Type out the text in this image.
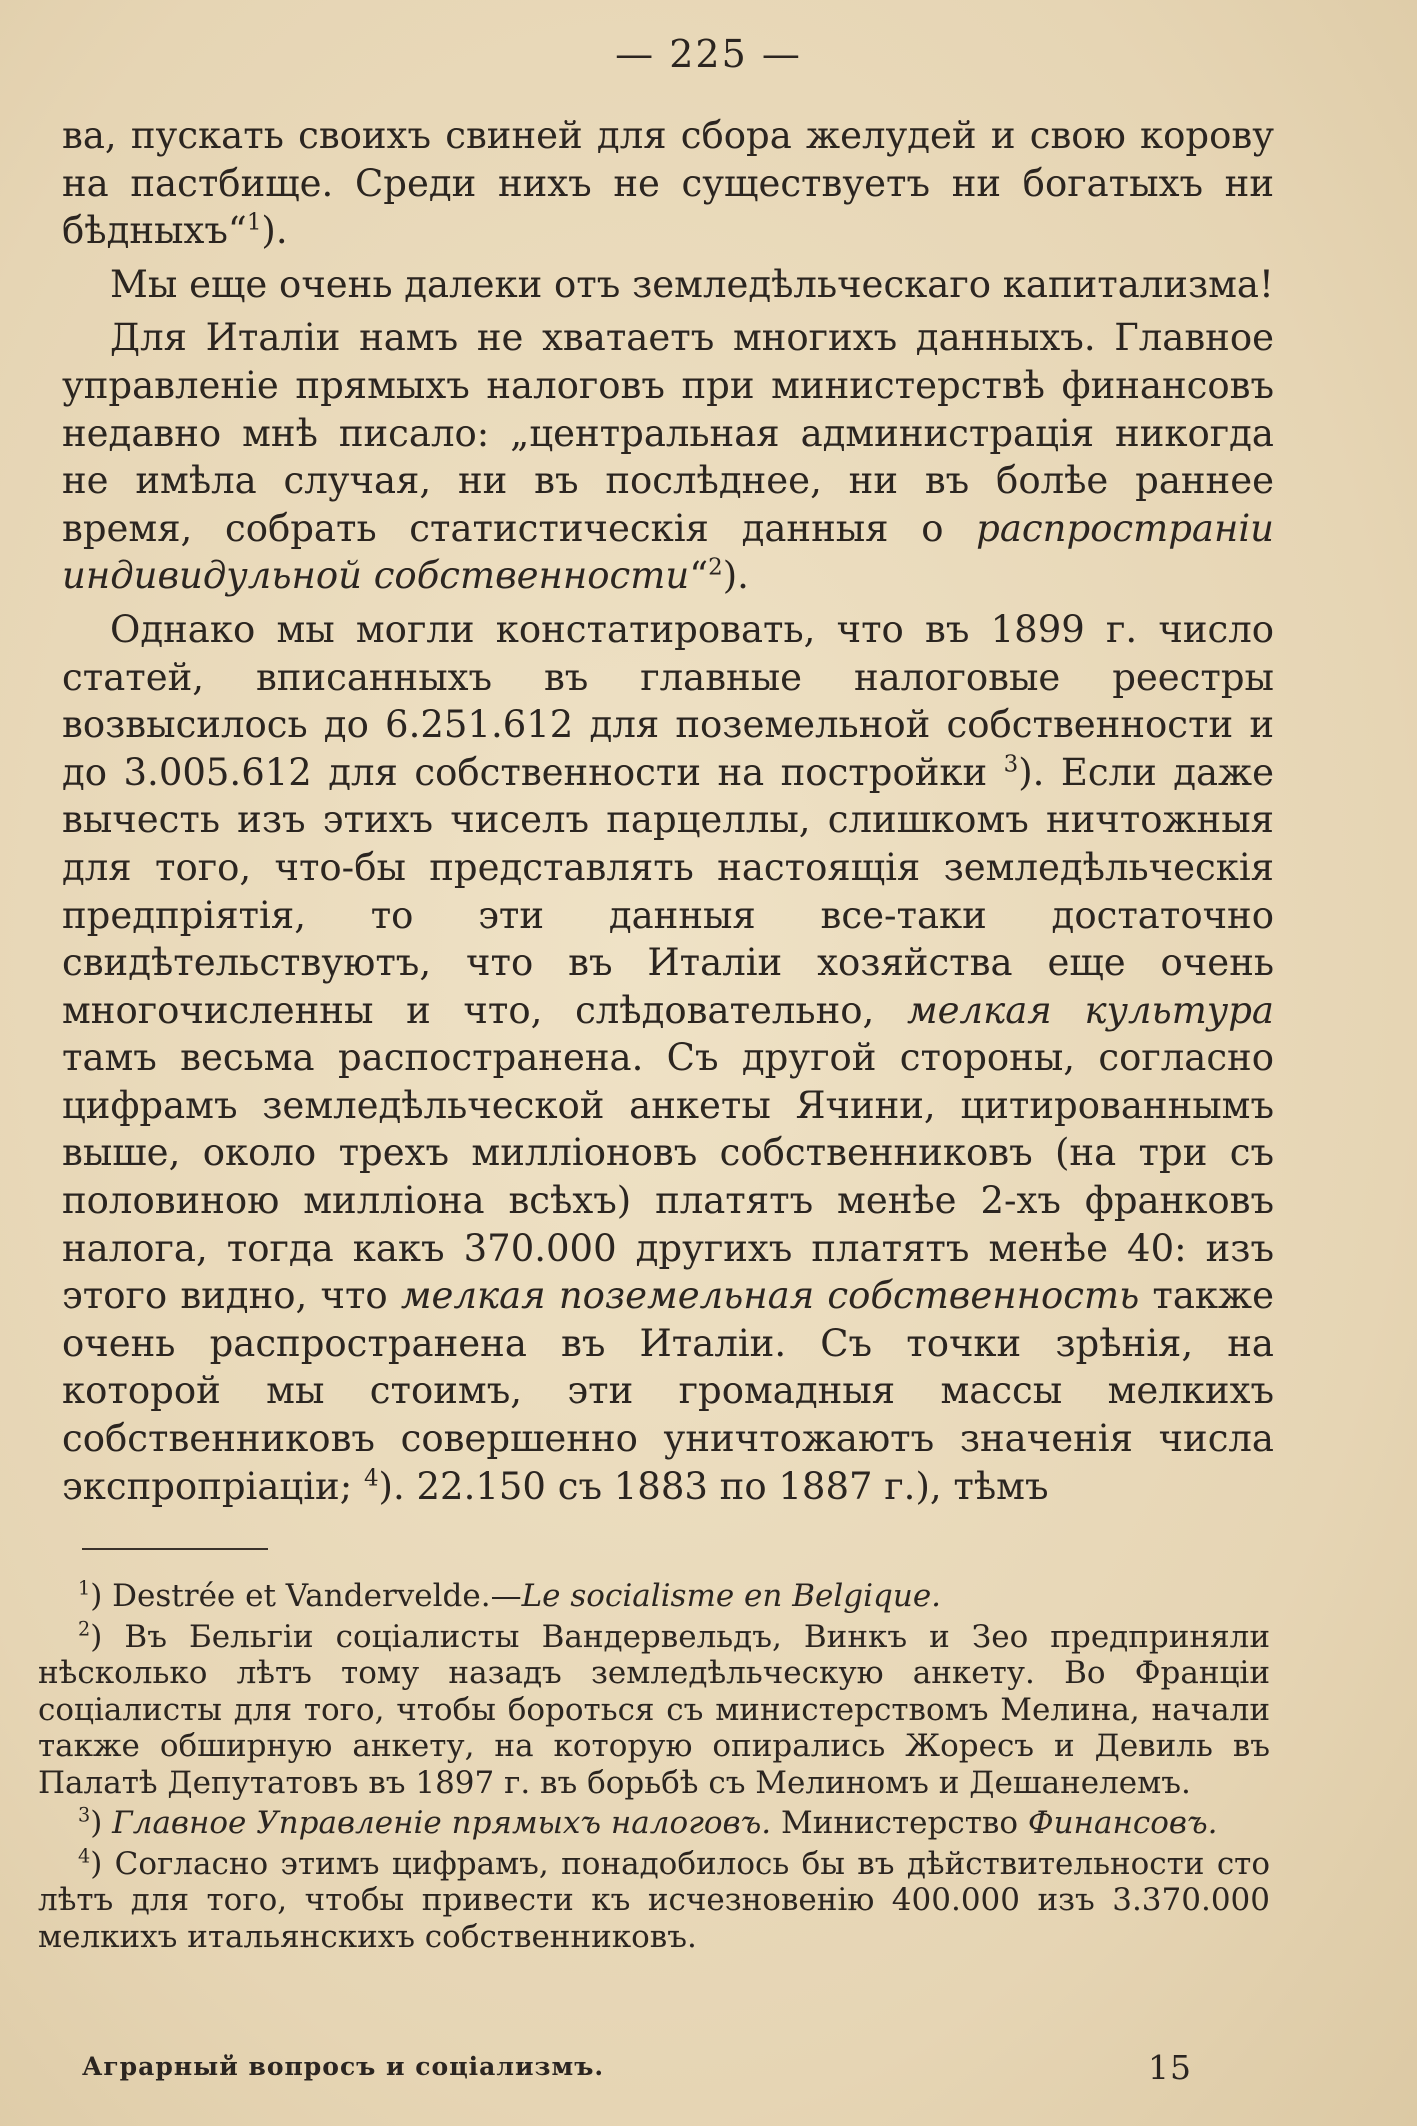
— 225 —

ва, пускать своихъ свиней для сбора желудей и свою корову на пастбище. Среди нихъ не существуетъ ни богатыхъ ни бѣдныхъ“$^1$).

Мы еще очень далеки отъ земледѣльческаго капитализма!

Для Италіи намъ не хватаетъ многихъ данныхъ. Главное управленіе прямыхъ налоговъ при министерствѣ финансовъ недавно мнѣ писало: „центральная администрація никогда не имѣла случая, ни въ послѣднее, ни въ болѣе раннее время, собрать статистическія данныя о распространіи индивидульной собственности“$^2$).

Однако мы могли констатировать, что въ 1899 г. число статей, вписанныхъ въ главные налоговые реестры возвысилось до 6.251.612 для поземельной собственности и до 3.005.612 для собственности на постройки $^3$). Если даже вычесть изъ этихъ чиселъ парцеллы, слишкомъ ничтожныя для того, что-бы представлять настоящія земледѣльческія предпріятія, то эти данныя все-таки достаточно свидѣтельствуютъ, что въ Италіи хозяйства еще очень многочисленны и что, слѣдовательно, мелкая культура тамъ весьма распостранена. Съ другой стороны, согласно цифрамъ земледѣльческой анкеты Ячини, цитированнымъ выше, около трехъ милліоновъ собственниковъ (на три съ половиною милліона всѣхъ) платятъ менѣе 2-хъ франковъ налога, тогда какъ 370.000 другихъ платятъ менѣе 40: изъ этого видно, что мелкая поземельная собственность также очень распространена въ Италіи. Съ точки зрѣнія, на которой мы стоимъ, эти громадныя массы мелкихъ собственниковъ совершенно уничтожаютъ значенія числа экспропріаціи; $^4$). 22.150 съ 1883 по 1887 г.), тѣмъ

$^1$) Destrée et Vandervelde.—Le socialisme en Belgique.

$^2$) Въ Бельгіи соціалисты Вандервельдъ, Винкъ и Зео предприняли нѣсколько лѣтъ тому назадъ земледѣльческую анкету. Во Франціи соціалисты для того, чтобы бороться съ министерствомъ Мелина, начали также обширную анкету, на которую опирались Жоресъ и Девиль въ Палатѣ Депутатовъ въ 1897 г. въ борьбѣ съ Мелиномъ и Дешанелемъ.

$^3$) Главное Управленіе прямыхъ налоговъ. Министерство Финансовъ.

$^4$) Согласно этимъ цифрамъ, понадобилось бы въ дѣйствительности сто лѣтъ для того, чтобы привести къ исчезновенію 400.000 изъ 3.370.000 мелкихъ итальянскихъ собственниковъ.

Аграрный вопросъ и соціализмъ.	15
